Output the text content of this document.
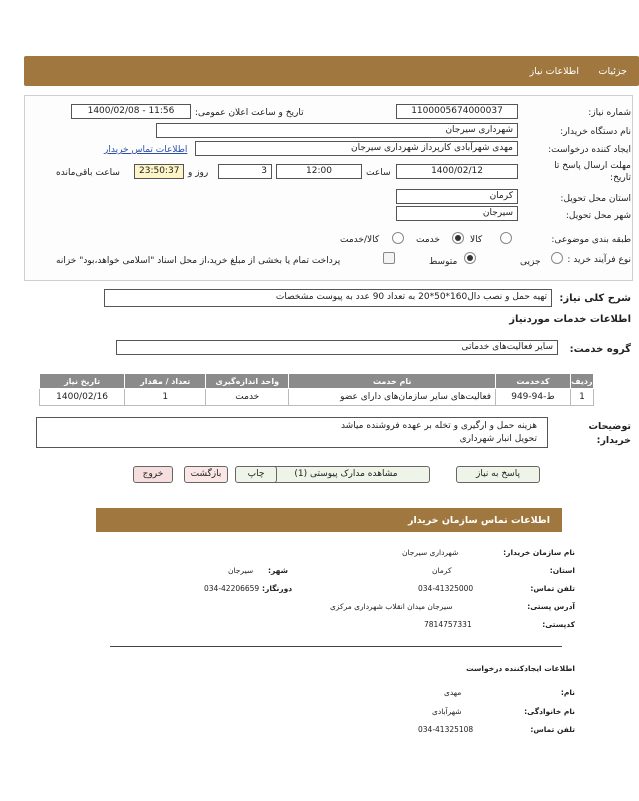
جزئیات
اطلاعات نیاز
شماره نیاز:
1100005674000037
تاریخ و ساعت اعلان عمومی:
1400/02/08 - 11:56
نام دستگاه خریدار:
شهرداری سیرجان
ایجاد کننده درخواست:
مهدی شهرآبادی کارپرداز شهرداری سیرجان
اطلاعات تماس خریدار
مهلت ارسال پاسخ تا تاریخ:
1400/02/12
ساعت
12:00
3
روز و
23:50:37
ساعت باقی‌مانده
استان محل تحویل:
کرمان
شهر محل تحویل:
سیرجان
طبقه بندی موضوعی:
کالا
خدمت
کالا/خدمت
نوع فرآیند خرید :
جزیی
متوسط
پرداخت تمام یا بخشی از مبلغ خرید،از محل اسناد "اسلامی خواهد،بود" خزانه
شرح کلی نیاز:
تهیه حمل و نصب دال160*50*20 به تعداد 90 عدد به پیوست مشخصات
اطلاعات خدمات موردنیاز
گروه خدمت:
سایر فعالیت‌های خدماتی
تاریخ نیاز	تعداد / مقدار	واحد اندازه‌گیری	نام خدمت	کدخدمت	ردیف
1400/02/16	1	خدمت	فعالیت‌های سایر سازمان‌های دارای عضو	ط-94-949	1
توضیحات خریدار:
هزینه حمل و ارگیری و تخله بر عهده فروشنده میاشد
تحویل انبار شهرداری
پاسخ به نیاز
مشاهده مدارک پیوستی (1)
چاپ
بازگشت
خروج
اطلاعات تماس سازمان خریدار
نام سازمان خریدار:
شهرداری سیرجان
استان:
کرمان
شهر:
سیرجان
تلفن تماس:
034-41325000
دورنگار:
034-42206659
آدرس پستی:
سیرجان میدان انقلاب شهرداری مرکزی
کدپستی:
7814757331
اطلاعات ایجادکننده درخواست
نام:
مهدی
نام خانوادگی:
شهرآبادی
تلفن تماس:
034-41325108
